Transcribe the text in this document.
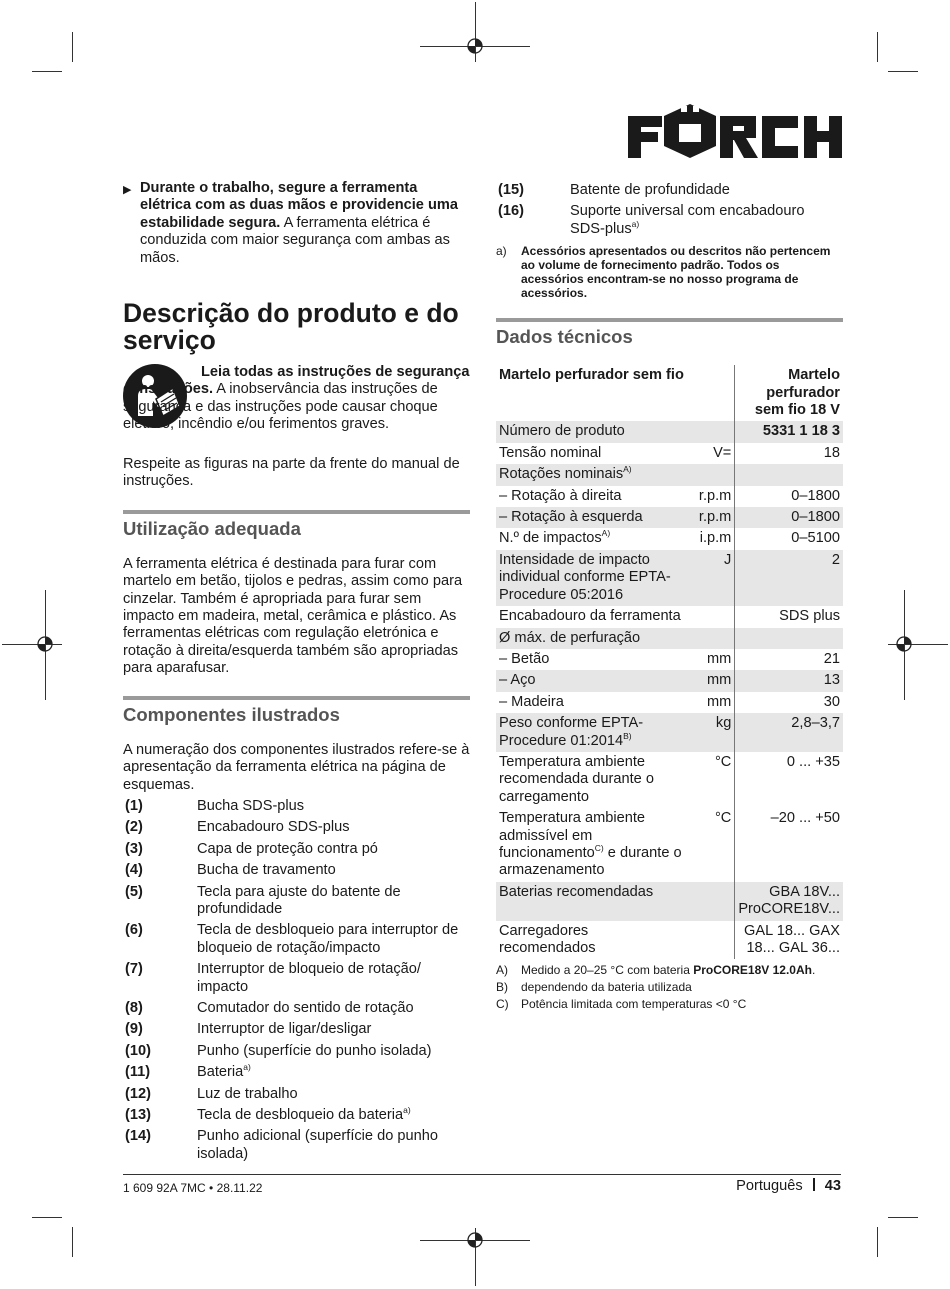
▶ Durante o trabalho, segure a ferramenta elétrica com as duas mãos e providencie uma estabilidade segura. A ferramenta elétrica é conduzida com maior segurança com ambas as mãos.

Descrição do produto e do serviço

Leia todas as instruções de segurança e instruções. A inobservância das instruções de segurança e das instruções pode causar choque elétrico, incêndio e/ou ferimentos graves.

Respeite as figuras na parte da frente do manual de instruções.

Utilização adequada

A ferramenta elétrica é destinada para furar com martelo em betão, tijolos e pedras, assim como para cinzelar. Também é apropriada para furar sem impacto em madeira, metal, cerâmica e plástico. As ferramentas elétricas com regulação eletrónica e rotação à direita/esquerda também são apropriadas para aparafusar.

Componentes ilustrados

A numeração dos componentes ilustrados refere-se à apresentação da ferramenta elétrica na página de esquemas.

(1)	Bucha SDS-plus
(2)	Encabadouro SDS-plus
(3)	Capa de proteção contra pó
(4)	Bucha de travamento
(5)	Tecla para ajuste do batente de profundidade
(6)	Tecla de desbloqueio para interruptor de bloqueio de rotação/impacto
(7)	Interruptor de bloqueio de rotação/ impacto
(8)	Comutador do sentido de rotação
(9)	Interruptor de ligar/desligar
(10)	Punho (superfície do punho isolada)
(11)	Bateria$^{a)}$
(12)	Luz de trabalho
(13)	Tecla de desbloqueio da bateria$^{a)}$
(14)	Punho adicional (superfície do punho isolada)
(15)	Batente de profundidade
(16)	Suporte universal com encabadouro SDS-plus$^{a)}$
a)	Acessórios apresentados ou descritos não pertencem ao volume de fornecimento padrão. Todos os acessórios encontram-se no nosso programa de acessórios.
Dados técnicos
Martelo perfurador sem fio		Martelo perfurador sem fio 18 V
Número de produto		5331 1 18 3
Tensão nominal	V=	18
Rotações nominais$^{A)}$		
– Rotação à direita	r.p.m	0–1800
– Rotação à esquerda	r.p.m	0–1800
N.º de impactos$^{A)}$	i.p.m	0–5100
Intensidade de impacto individual conforme EPTA-Procedure 05:2016	J	2
Encabadouro da ferramenta		SDS plus
Ø máx. de perfuração		
– Betão	mm	21
– Aço	mm	13
– Madeira	mm	30
Peso conforme EPTA-Procedure $01:2014^{B)}$	kg	2,8–3,7
Temperatura ambiente recomendada durante o carregamento	°C	0 ... +35
Temperatura ambiente admissível em funcionamento$^{C)}$ e durante o armazenamento	°C	–20 ... +50
Baterias recomendadas		GBA 18V... ProCORE18V...
Carregadores recomendados		GAL 18... GAX 18... GAL 36...
A)	Medido a 20–25 °C com bateria ProCORE18V 12.0Ah.
B)	dependendo da bateria utilizada
C)	Potência limitada com temperaturas <0 °C
1 609 92A 7MC • 28.11.22	Português 43
